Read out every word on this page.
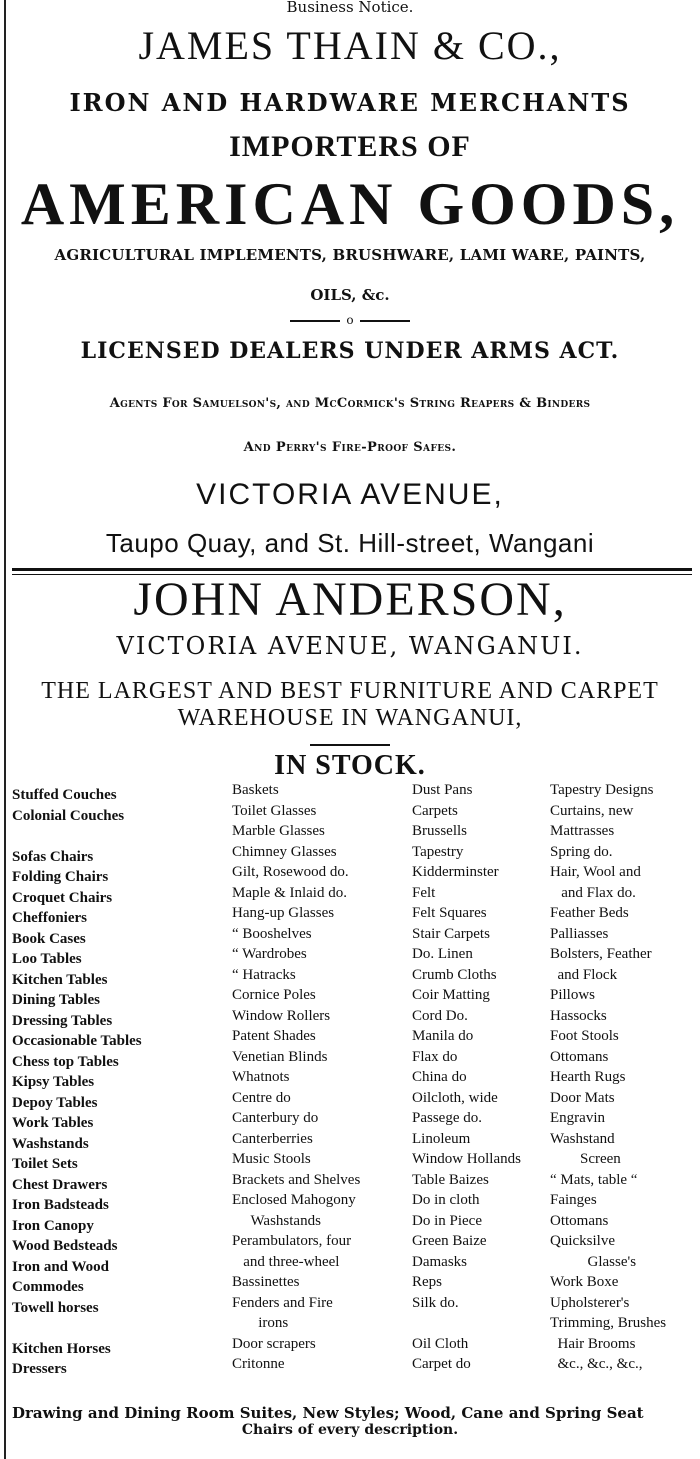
Business Notice.
JAMES THAIN & CO.,
IRON AND HARDWARE MERCHANTS
IMPORTERS OF
AMERICAN GOODS,
AGRICULTURAL IMPLEMENTS, BRUSHWARE, LAMI WARE, PAINTS,
OILS, &c.
o
LICENSED DEALERS UNDER ARMS ACT.
Agents For Samuelson's, and McCormick's String Reapers & Binders
And Perry's Fire-Proof Safes.
VICTORIA AVENUE,
Taupo Quay, and St. Hill-street, Wangani
JOHN ANDERSON,
VICTORIA AVENUE, WANGANUI.
THE LARGEST AND BEST FURNITURE AND CARPET
WAREHOUSE IN WANGANUI,
IN STOCK.
Stuffed Couches
Colonial Couches
Sofas Chairs
Folding Chairs
Croquet Chairs
Cheffoniers
Book Cases
Loo Tables
Kitchen Tables
Dining Tables
Dressing Tables
Occasionable Tables
Chess top Tables
Kipsy Tables
Depoy Tables
Work Tables
Washstands
Toilet Sets
Chest Drawers
Iron Badsteads
Iron Canopy
Wood Bedsteads
Iron and Wood
Commodes
Towell horses
Kitchen Horses
Dressers
Baskets
Toilet Glasses
Marble Glasses
Chimney Glasses
Gilt, Rosewood do.
Maple & Inlaid do.
Hang-up Glasses
“ Booshelves
“ Wardrobes
“ Hatracks
Cornice Poles
Window Rollers
Patent Shades
Venetian Blinds
Whatnots
Centre do
Canterbury do
Canterberries
Music Stools
Brackets and Shelves
Enclosed Mahogony
Washstands
Perambulators, four
and three-wheel
Bassinettes
Fenders and Fire
irons
Door scrapers
Critonne
Dust Pans
Carpets
Brussells
Tapestry
Kidderminster
Felt
Felt Squares
Stair Carpets
Do. Linen
Crumb Cloths
Coir Matting
Cord Do.
Manila do
Flax do
China do
Oilcloth, wide
Passege do.
Linoleum
Window Hollands
Table Baizes
Do in cloth
Do in Piece
Green Baize
Damasks
Reps
Silk do.
Oil Cloth
Carpet do
Tapestry Designs
Curtains, new
Mattrasses
Spring do.
Hair, Wool and
and Flax do.
Feather Beds
Palliasses
Bolsters, Feather
and Flock
Pillows
Hassocks
Foot Stools
Ottomans
Hearth Rugs
Door Mats
Engravin
Washstand
Screen
“ Mats, table “
Fainges
Ottomans
Quicksilve
Glasse's
Work Boxe
Upholsterer's
Trimming, Brushes
Hair Brooms
&c., &c., &c.,
Drawing and Dining Room Suites, New Styles; Wood, Cane and Spring Seat
Chairs of every description.
